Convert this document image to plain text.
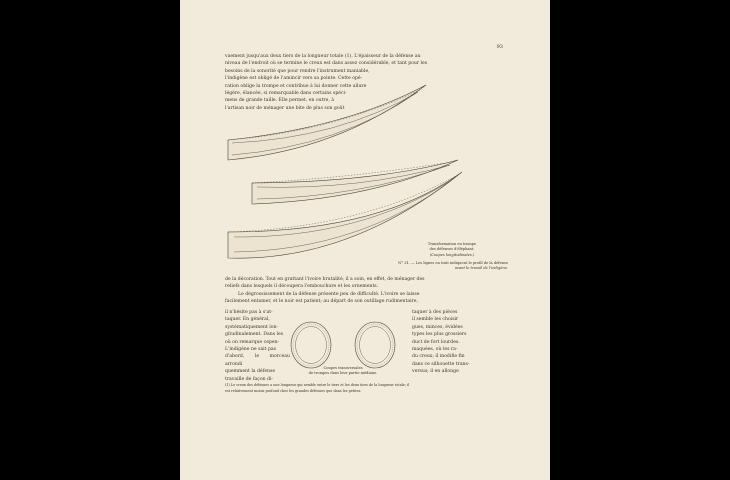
93

vaement jusqu'aux deux tiers de la longueur totale (1). L'épaisseur de la défense au

niveau de l'endroit où se termine le creux est dans assez considérable, et tant pour les

besoins de la sonorité que pour rendre l'instrument maniable,

l'indigène est obligé de l'amincir vers sa pointe. Cette opé-

ration oblige la trompe et contribue à lui donner cette allure

légère, élancée, si remarquable dans certains spéci-

mens de grande taille. Elle permet, en outre, à

l'artisan noir de ménager une bite de plus son goût

Transformation en trompe
des défenses d'éléphant.
(Coupes longitudinales.)
N° 31. — Les lignes en trait indiquent le profil de la défense
avant le travail de l'indigène.

de la décoration. Tout en grattant l'ivoire brutalité, il a soin, en effet, de ménager des

reliefs dans lesquels il découpera l'embouchure et les ornements.

Le dégrossissement de la défense présente peu de difficulté. L'ivoire se laisse

facilement entamer, et le noir est patient; au départ de son outillage rudimentaire,

il n'hésite pas à s'at-

taquer. En général,

systématiquement lon-

gitudinalement. Dans les

où on remarque cepen-

L'indigène ne sait pas

d'abord, le morceau arrondi

quemment la défense

travaille de façon di-

taquer à des pièces

il semble les choisir

gues, minces, évidées

types les plus grossiers

duct de fort lourdes.

maquées, où les ra-

du creux; il modifie fin

dans ce silhouette trans-

versus; il en allonge

Coupes transversales
de trompes dans leur partie médiane.
(1) Le creux des défenses a une longueur qui semble entre le tiers et les deux tiers de la longueur totale; il
est relativement moins profond chez les grandes défenses que dans les petites.
